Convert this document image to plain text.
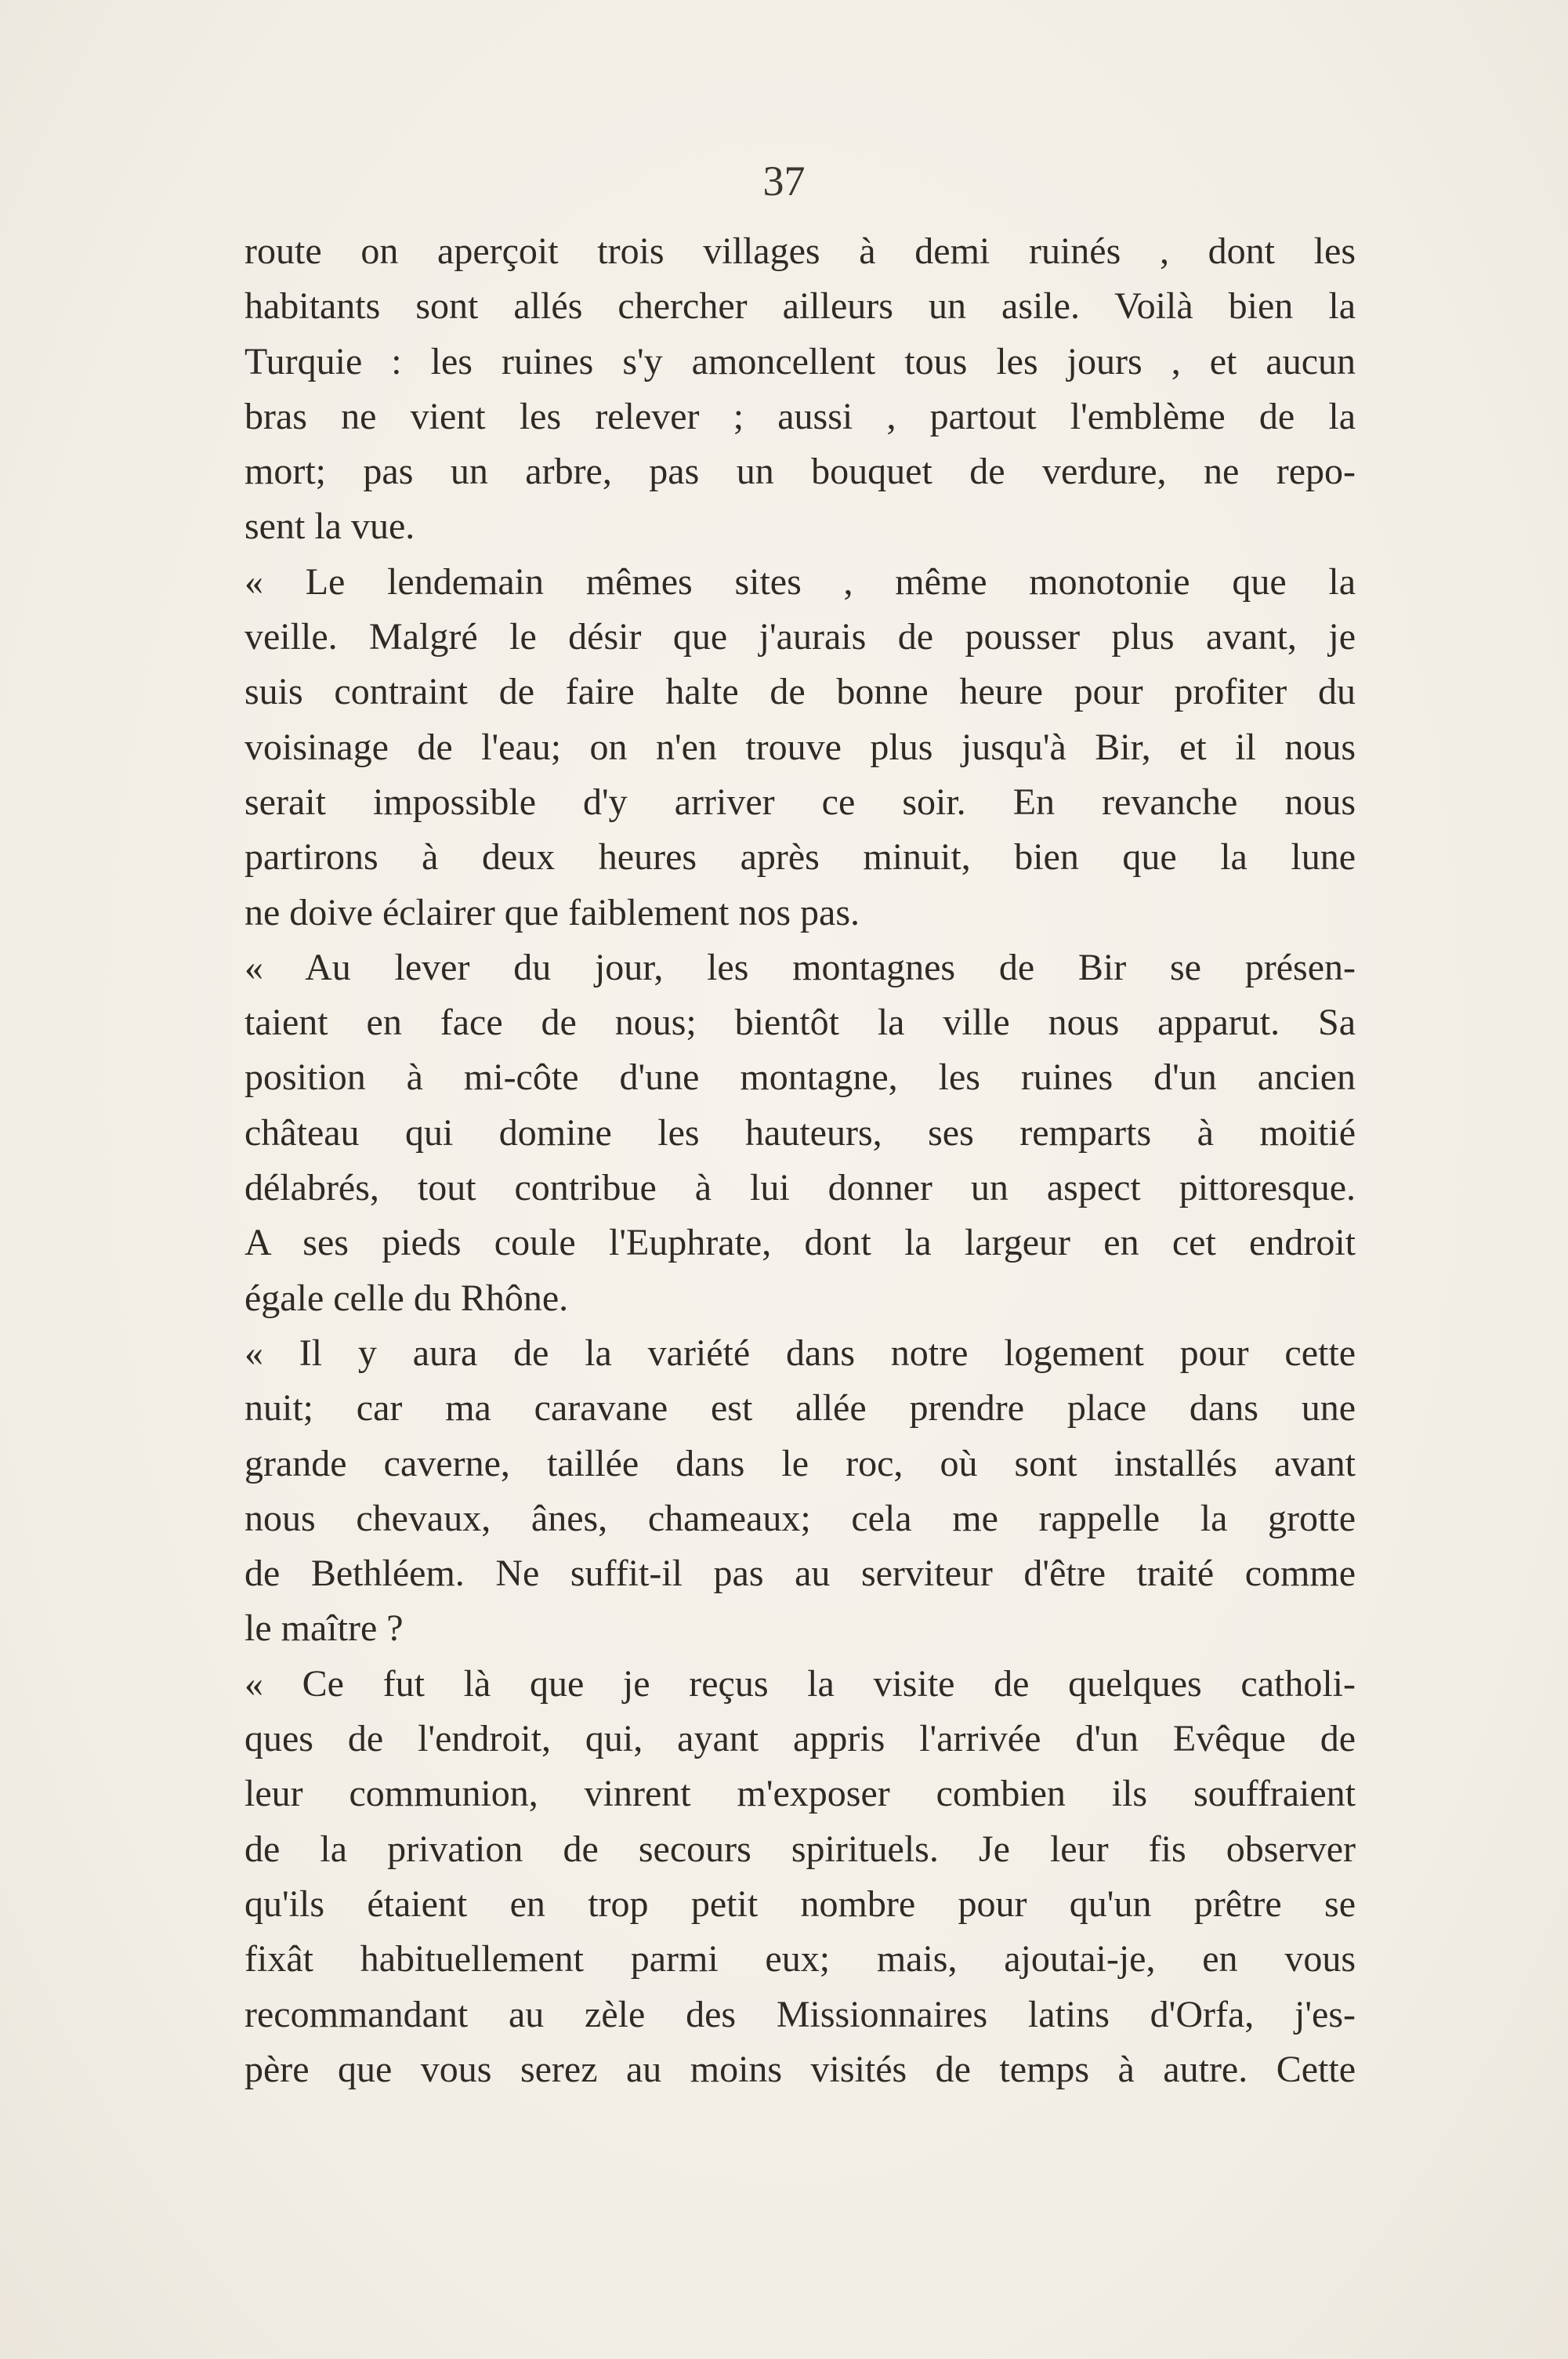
37
route on aperçoit trois villages à demi ruinés , dont les
habitants sont allés chercher ailleurs un asile. Voilà bien la
Turquie : les ruines s'y amoncellent tous les jours , et aucun
bras ne vient les relever ; aussi , partout l'emblème de la
mort; pas un arbre, pas un bouquet de verdure, ne repo-
sent la vue.
« Le lendemain mêmes sites , même monotonie que la
veille. Malgré le désir que j'aurais de pousser plus avant, je
suis contraint de faire halte de bonne heure pour profiter du
voisinage de l'eau; on n'en trouve plus jusqu'à Bir, et il nous
serait impossible d'y arriver ce soir. En revanche nous
partirons à deux heures après minuit, bien que la lune
ne doive éclairer que faiblement nos pas.
« Au lever du jour, les montagnes de Bir se présen-
taient en face de nous; bientôt la ville nous apparut. Sa
position à mi-côte d'une montagne, les ruines d'un ancien
château qui domine les hauteurs, ses remparts à moitié
délabrés, tout contribue à lui donner un aspect pittoresque.
A ses pieds coule l'Euphrate, dont la largeur en cet endroit
égale celle du Rhône.
« Il y aura de la variété dans notre logement pour cette
nuit; car ma caravane est allée prendre place dans une
grande caverne, taillée dans le roc, où sont installés avant
nous chevaux, ânes, chameaux; cela me rappelle la grotte
de Bethléem. Ne suffit-il pas au serviteur d'être traité comme
le maître ?
« Ce fut là que je reçus la visite de quelques catholi-
ques de l'endroit, qui, ayant appris l'arrivée d'un Evêque de
leur communion, vinrent m'exposer combien ils souffraient
de la privation de secours spirituels. Je leur fis observer
qu'ils étaient en trop petit nombre pour qu'un prêtre se
fixât habituellement parmi eux; mais, ajoutai-je, en vous
recommandant au zèle des Missionnaires latins d'Orfa, j'es-
père que vous serez au moins visités de temps à autre. Cette
